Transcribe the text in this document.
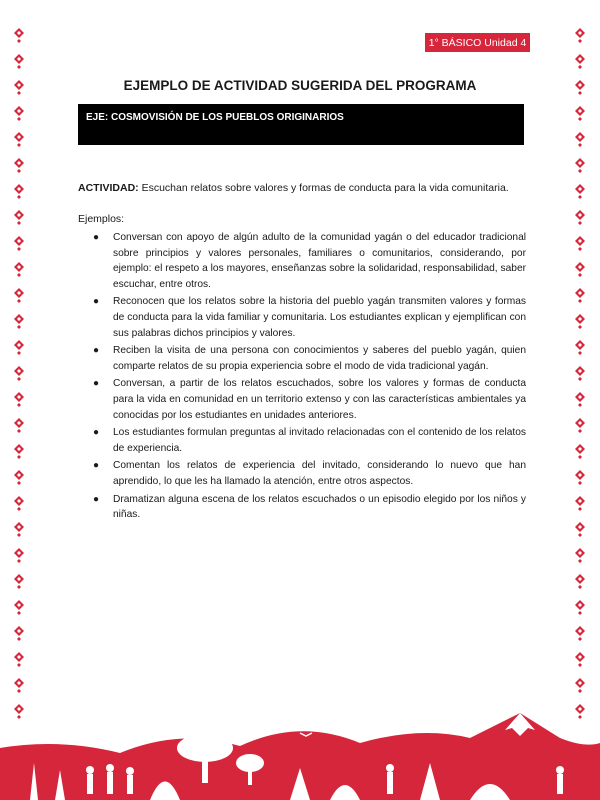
1° BÁSICO Unidad 4
EJEMPLO DE ACTIVIDAD SUGERIDA DEL PROGRAMA
EJE: COSMOVISIÓN DE LOS PUEBLOS ORIGINARIOS
ACTIVIDAD: Escuchan relatos sobre valores y formas de conducta para la vida comunitaria.
Ejemplos:
● Conversan con apoyo de algún adulto de la comunidad yagán o del educador tradicional sobre principios y valores personales, familiares o comunitarios, considerando, por ejemplo: el respeto a los mayores, enseñanzas sobre la solidaridad, responsabilidad, saber escuchar, entre otros.
● Reconocen que los relatos sobre la historia del pueblo yagán transmiten valores y formas de conducta para la vida familiar y comunitaria. Los estudiantes explican y ejemplifican con sus palabras dichos principios y valores.
● Reciben la visita de una persona con conocimientos y saberes del pueblo yagán, quien comparte relatos de su propia experiencia sobre el modo de vida tradicional yagán.
● Conversan, a partir de los relatos escuchados, sobre los valores y formas de conducta para la vida en comunidad en un territorio extenso y con las características ambientales ya conocidas por los estudiantes en unidades anteriores.
● Los estudiantes formulan preguntas al invitado relacionadas con el contenido de los relatos de experiencia.
● Comentan los relatos de experiencia del invitado, considerando lo nuevo que han aprendido, lo que les ha llamado la atención, entre otros aspectos.
● Dramatizan alguna escena de los relatos escuchados o un episodio elegido por los niños y niñas.
